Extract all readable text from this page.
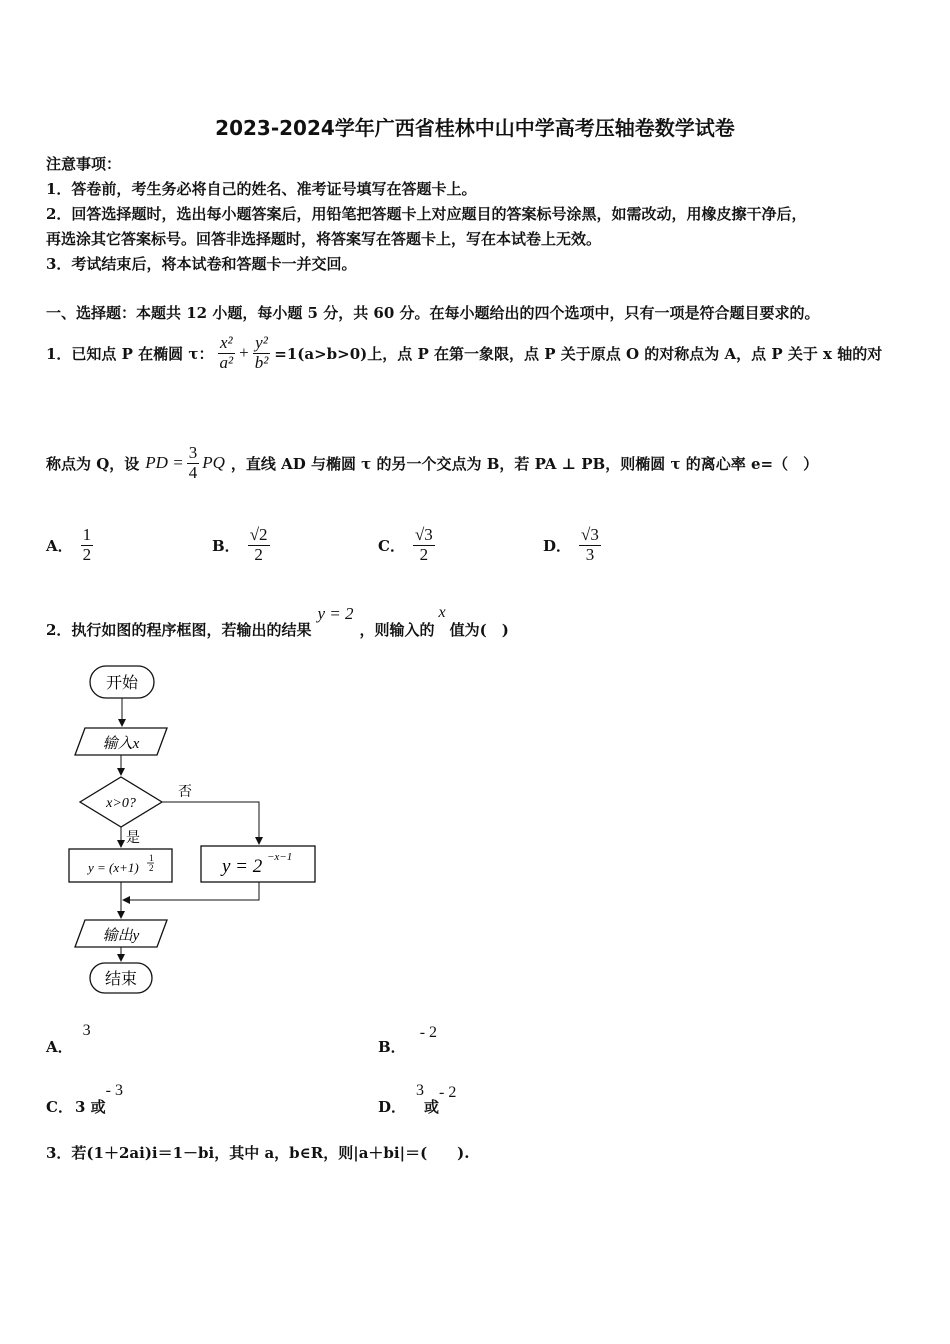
2023-2024学年广西省桂林中山中学高考压轴卷数学试卷
注意事项：
1．答卷前，考生务必将自己的姓名、准考证号填写在答题卡上。
2．回答选择题时，选出每小题答案后，用铅笔把答题卡上对应题目的答案标号涂黑，如需改动，用橡皮擦干净后，
再选涂其它答案标号。回答非选择题时，将答案写在答题卡上，写在本试卷上无效。
3．考试结束后，将本试卷和答题卡一并交回。
一、选择题：本题共 12 小题，每小题 5 分，共 60 分。在每小题给出的四个选项中，只有一项是符合题目要求的。
1．已知点 P 在椭圆 τ： $\frac{\text{x²}}{\text{a²}} + \frac{\text{y²}}{\text{b²}} =1(a>b>0)$上，点 P 在第一象限，点 P 关于原点 O 的对称点为 A，点 P 关于 x 轴的对
称点为 Q，设 PD = $\frac{3}{4}$ PQ ，直线 AD 与椭圆 τ 的另一个交点为 B，若 PA ⊥ PB，则椭圆 τ 的离心率 e=（　）
A． $\frac{1}{2}$	B． $\frac{√2}{2}$	C． $\frac{√3}{2}$	D． $\frac{√3}{3}$
2．执行如图的程序框图，若输出的结果
y = 2
，则输入的
x
值为(　)
开始
输入x
x>0?
否
是
y = (x+1)
1
2	y = 2 −x−1
输出y
结束
A．
3
B．
- 2
C． 3 或
- 3
D．
3
或
- 2
3．若(1＋2ai)i＝1－bi，其中 a，b∈R，则|a＋bi|＝(　　).
